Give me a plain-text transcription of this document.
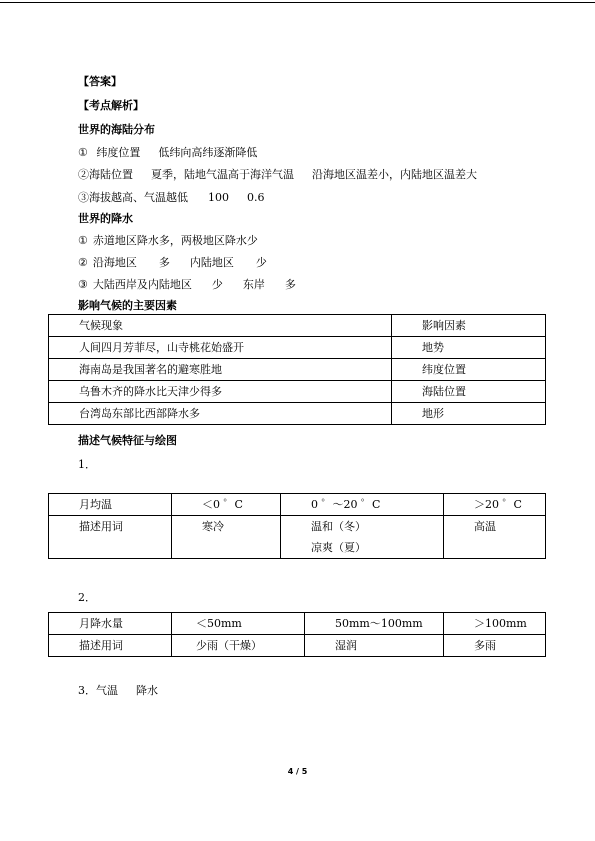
【答案】
【考点解析】
世界的海陆分布
① 纬度位置 低纬向高纬逐渐降低
②海陆位置 夏季，陆地气温高于海洋气温 沿海地区温差小，内陆地区温差大
③海拔越高、气温越低 100 0.6
世界的降水
① 赤道地区降水多，两极地区降水少
② 沿海地区 多 内陆地区 少
③ 大陆西岸及内陆地区 少 东岸 多
影响气候的主要因素
气候现象	影响因素
人间四月芳菲尽，山寺桃花始盛开	地势
海南岛是我国著名的避寒胜地	纬度位置
乌鲁木齐的降水比天津少得多	海陆位置
台湾岛东部比西部降水多	地形
描述气候特征与绘图
1．
月均温	＜0 ゜C	0 ゜～20 ゜C	＞20 ゜C
描述用词	寒冷	温和（冬）
凉爽（夏）	高温
2．
月降水量	＜50mm	50mm～100mm	＞100mm
描述用词	少雨（干燥）	湿润	多雨
3．气温 降水
4 / 5
